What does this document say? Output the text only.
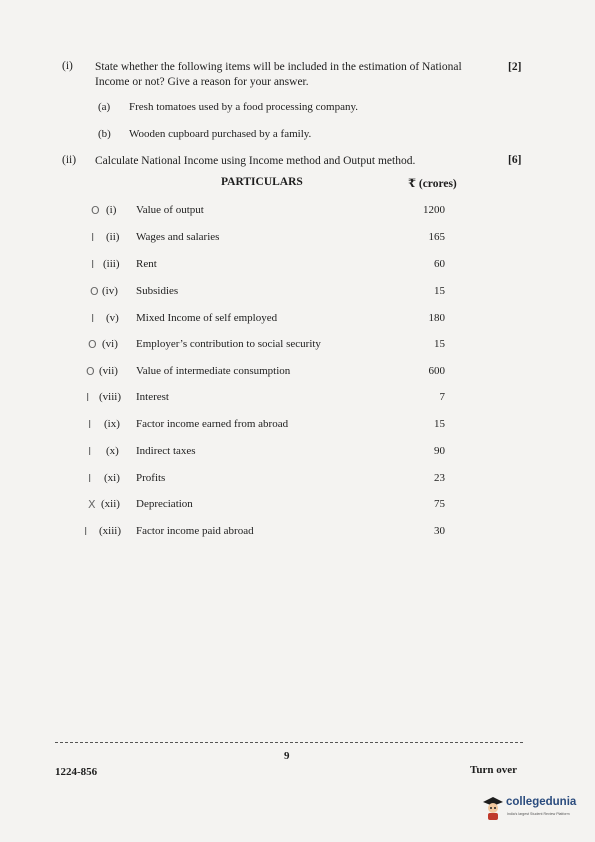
(i) State whether the following items will be included in the estimation of National
Income or not? Give a reason for your answer.
[2]
(a) Fresh tomatoes used by a food processing company.
(b) Wooden cupboard purchased by a family.
(ii) Calculate National Income using Income method and Output method.	[6]
PARTICULARS	₹ (crores)
O (i) Value of output	1200
I (ii) Wages and salaries	165
I (iii) Rent	60
O (iv) Subsidies	15
I (v) Mixed Income of self employed	180
O (vi) Employer’s contribution to social security	15
O (vii) Value of intermediate consumption	600
I (viii) Interest	7
I (ix) Factor income earned from abroad	15
I (x) Indirect taxes	90
I (xi) Profits	23
X (xii) Depreciation	75
I (xiii) Factor income paid abroad	30
9
1224-856	Turn over
collegedunia
India's largest Student Review Platform
